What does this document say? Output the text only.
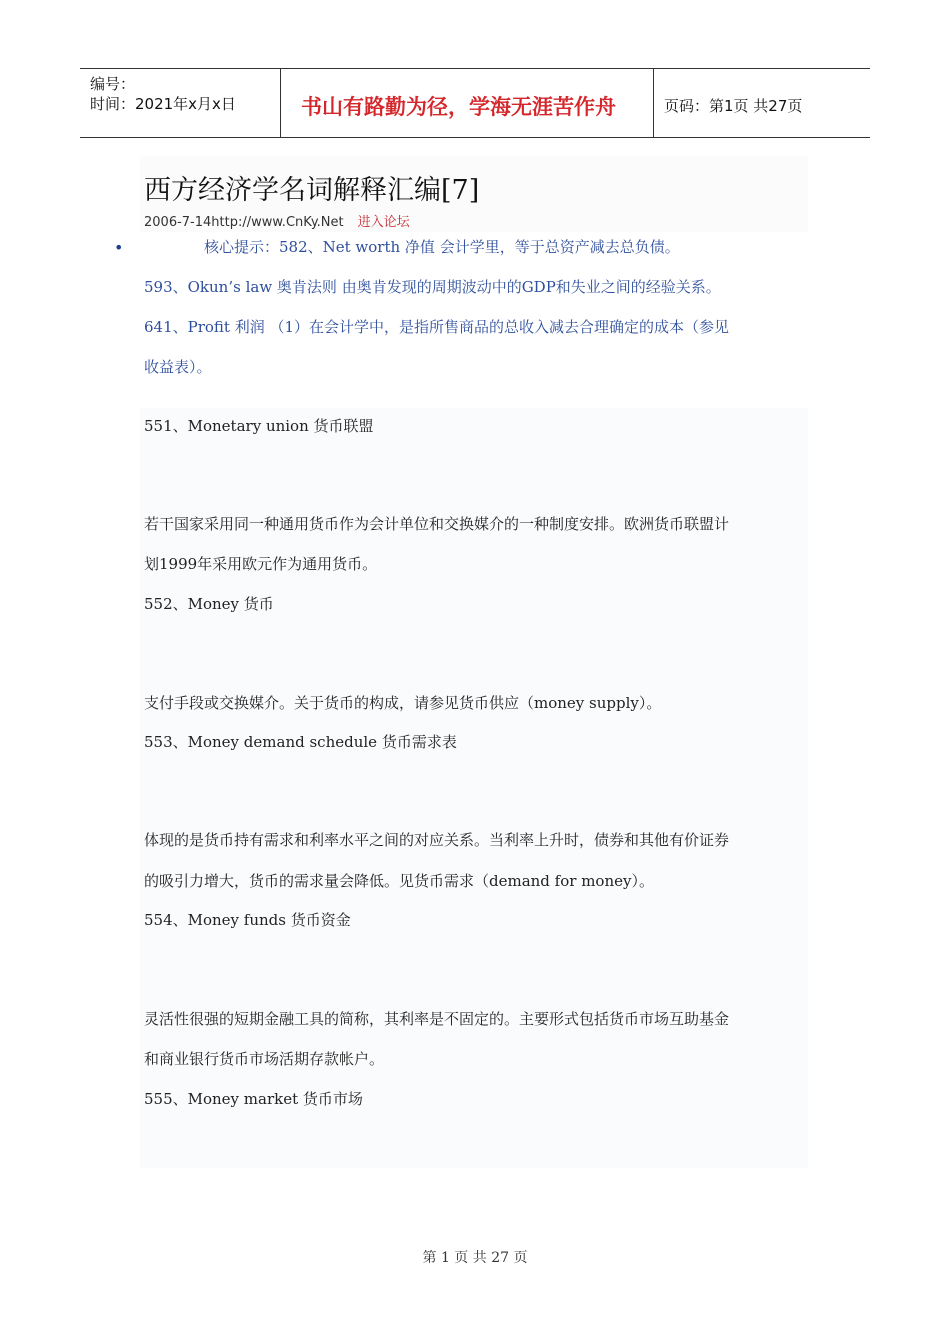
编号：
时间：2021年x月x日	书山有路勤为径，学海无涯苦作舟	页码：第1页 共27页
西方经济学名词解释汇编[7]
2006-7-14http://www.CnKy.Net 进入论坛
•	核心提示：582、Net worth 净值 会计学里，等于总资产减去总负债。
593、Okun’s law 奥肯法则 由奥肯发现的周期波动中的GDP和失业之间的经验关系。
641、Profit 利润 （1）在会计学中，是指所售商品的总收入减去合理确定的成本（参见
收益表）。
551、Monetary union 货币联盟
若干国家采用同一种通用货币作为会计单位和交换媒介的一种制度安排。欧洲货币联盟计
划1999年采用欧元作为通用货币。
552、Money 货币
支付手段或交换媒介。关于货币的构成，请参见货币供应（money supply）。
553、Money demand schedule 货币需求表
体现的是货币持有需求和利率水平之间的对应关系。当利率上升时，债券和其他有价证券
的吸引力增大，货币的需求量会降低。见货币需求（demand for money）。
554、Money funds 货币资金
灵活性很强的短期金融工具的简称，其利率是不固定的。主要形式包括货币市场互助基金
和商业银行货币市场活期存款帐户。
555、Money market 货币市场
第 1 页 共 27 页
